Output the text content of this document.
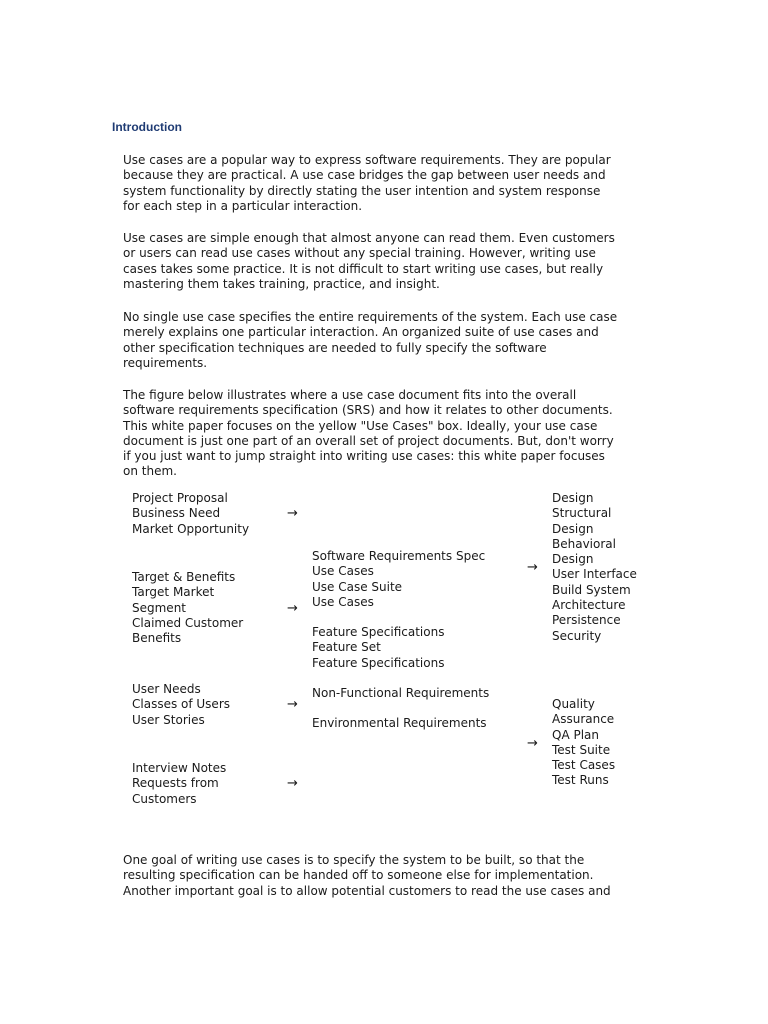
Introduction

Use cases are a popular way to express software requirements. They are popular
because they are practical. A use case bridges the gap between user needs and
system functionality by directly stating the user intention and system response
for each step in a particular interaction.

Use cases are simple enough that almost anyone can read them. Even customers
or users can read use cases without any special training. However, writing use
cases takes some practice. It is not difficult to start writing use cases, but really
mastering them takes training, practice, and insight.

No single use case specifies the entire requirements of the system. Each use case
merely explains one particular interaction. An organized suite of use cases and
other specification techniques are needed to fully specify the software
requirements.

The figure below illustrates where a use case document fits into the overall
software requirements specification (SRS) and how it relates to other documents.
This white paper focuses on the yellow "Use Cases" box. Ideally, your use case
document is just one part of an overall set of project documents. But, don't worry
if you just want to jump straight into writing use cases: this white paper focuses
on them.

Project Proposal
Business Need
Market Opportunity
→
Target & Benefits
Target Market
Segment
Claimed Customer
Benefits
→
User Needs
Classes of Users
User Stories
→
Interview Notes
Requests from
Customers
→
Software Requirements Spec
Use Cases
Use Case Suite
Use Cases
Feature Specifications
Feature Set
Feature Specifications
Non-Functional Requirements
Environmental Requirements
→
→
Design
Structural
Design
Behavioral
Design
User Interface
Build System
Architecture
Persistence
Security
Quality
Assurance
QA Plan
Test Suite
Test Cases
Test Runs

One goal of writing use cases is to specify the system to be built, so that the
resulting specification can be handed off to someone else for implementation.
Another important goal is to allow potential customers to read the use cases and
